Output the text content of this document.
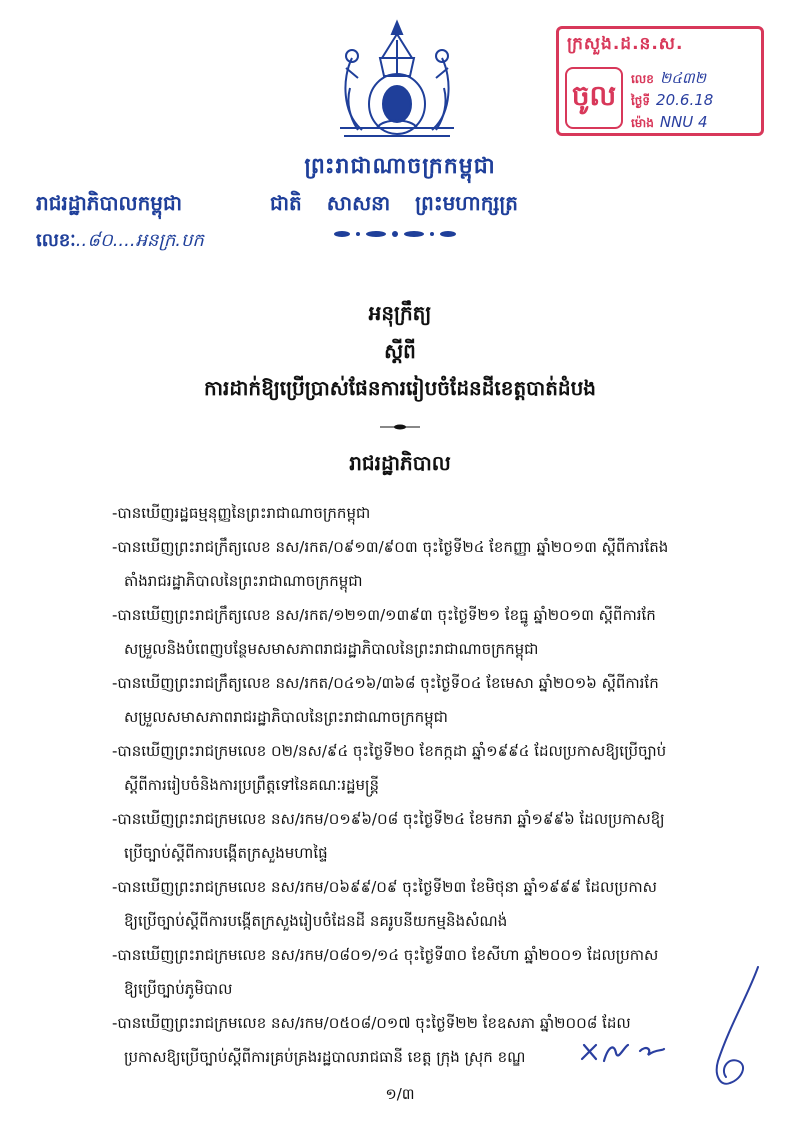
ព្រះរាជាណាចក្រកម្ពុជា
ជាតិ សាសនា ព្រះមហាក្សត្រ
រាជរដ្ឋាភិបាលកម្ពុជា
លេខៈ..៨០....អនក្រ.បក
ក្រសួង.ដ.ន.ស.
ចូល	លេខ ២៤៣២
ថ្ងៃទី 20.6.18
ម៉ោង NNU 4
អនុក្រឹត្យ
ស្តីពី
ការដាក់ឱ្យប្រើប្រាស់ផែនការរៀបចំដែនដីខេត្តបាត់ដំបង
រាជរដ្ឋាភិបាល
-បានឃើញរដ្ឋធម្មនុញ្ញនៃព្រះរាជាណាចក្រកម្ពុជា
-បានឃើញព្រះរាជក្រឹត្យលេខ នស/រកត/០៩១៣/៩០៣ ចុះថ្ងៃទី២៤ ខែកញ្ញា ឆ្នាំ២០១៣ ស្តីពីការតែង
តាំងរាជរដ្ឋាភិបាលនៃព្រះរាជាណាចក្រកម្ពុជា
-បានឃើញព្រះរាជក្រឹត្យលេខ នស/រកត/១២១៣/១៣៩៣ ចុះថ្ងៃទី២១ ខែធ្នូ ឆ្នាំ២០១៣ ស្តីពីការកែ
សម្រួលនិងបំពេញបន្ថែមសមាសភាពរាជរដ្ឋាភិបាលនៃព្រះរាជាណាចក្រកម្ពុជា
-បានឃើញព្រះរាជក្រឹត្យលេខ នស/រកត/០៤១៦/៣៦៨ ចុះថ្ងៃទី០៤ ខែមេសា ឆ្នាំ២០១៦ ស្តីពីការកែ
សម្រួលសមាសភាពរាជរដ្ឋាភិបាលនៃព្រះរាជាណាចក្រកម្ពុជា
-បានឃើញព្រះរាជក្រមលេខ ០២/នស/៩៤ ចុះថ្ងៃទី២០ ខែកក្កដា ឆ្នាំ១៩៩៤ ដែលប្រកាសឱ្យប្រើច្បាប់
ស្តីពីការរៀបចំនិងការប្រព្រឹត្តទៅនៃគណៈរដ្ឋមន្ត្រី
-បានឃើញព្រះរាជក្រមលេខ នស/រកម/០១៩៦/០៨ ចុះថ្ងៃទី២៤ ខែមករា ឆ្នាំ១៩៩៦ ដែលប្រកាសឱ្យ
ប្រើច្បាប់ស្តីពីការបង្កើតក្រសួងមហាផ្ទៃ
-បានឃើញព្រះរាជក្រមលេខ នស/រកម/០៦៩៩/០៩ ចុះថ្ងៃទី២៣ ខែមិថុនា ឆ្នាំ១៩៩៩ ដែលប្រកាស
ឱ្យប្រើច្បាប់ស្តីពីការបង្កើតក្រសួងរៀបចំដែនដី នគរូបនីយកម្មនិងសំណង់
-បានឃើញព្រះរាជក្រមលេខ នស/រកម/០៨០១/១៤ ចុះថ្ងៃទី៣០ ខែសីហា ឆ្នាំ២០០១ ដែលប្រកាស
ឱ្យប្រើច្បាប់ភូមិបាល
-បានឃើញព្រះរាជក្រមលេខ នស/រកម/០៥០៨/០១៧ ចុះថ្ងៃទី២២ ខែឧសភា ឆ្នាំ២០០៨ ដែល
ប្រកាសឱ្យប្រើច្បាប់ស្តីពីការគ្រប់គ្រងរដ្ឋបាលរាជធានី ខេត្ត ក្រុង ស្រុក ខណ្ឌ
១/៣
